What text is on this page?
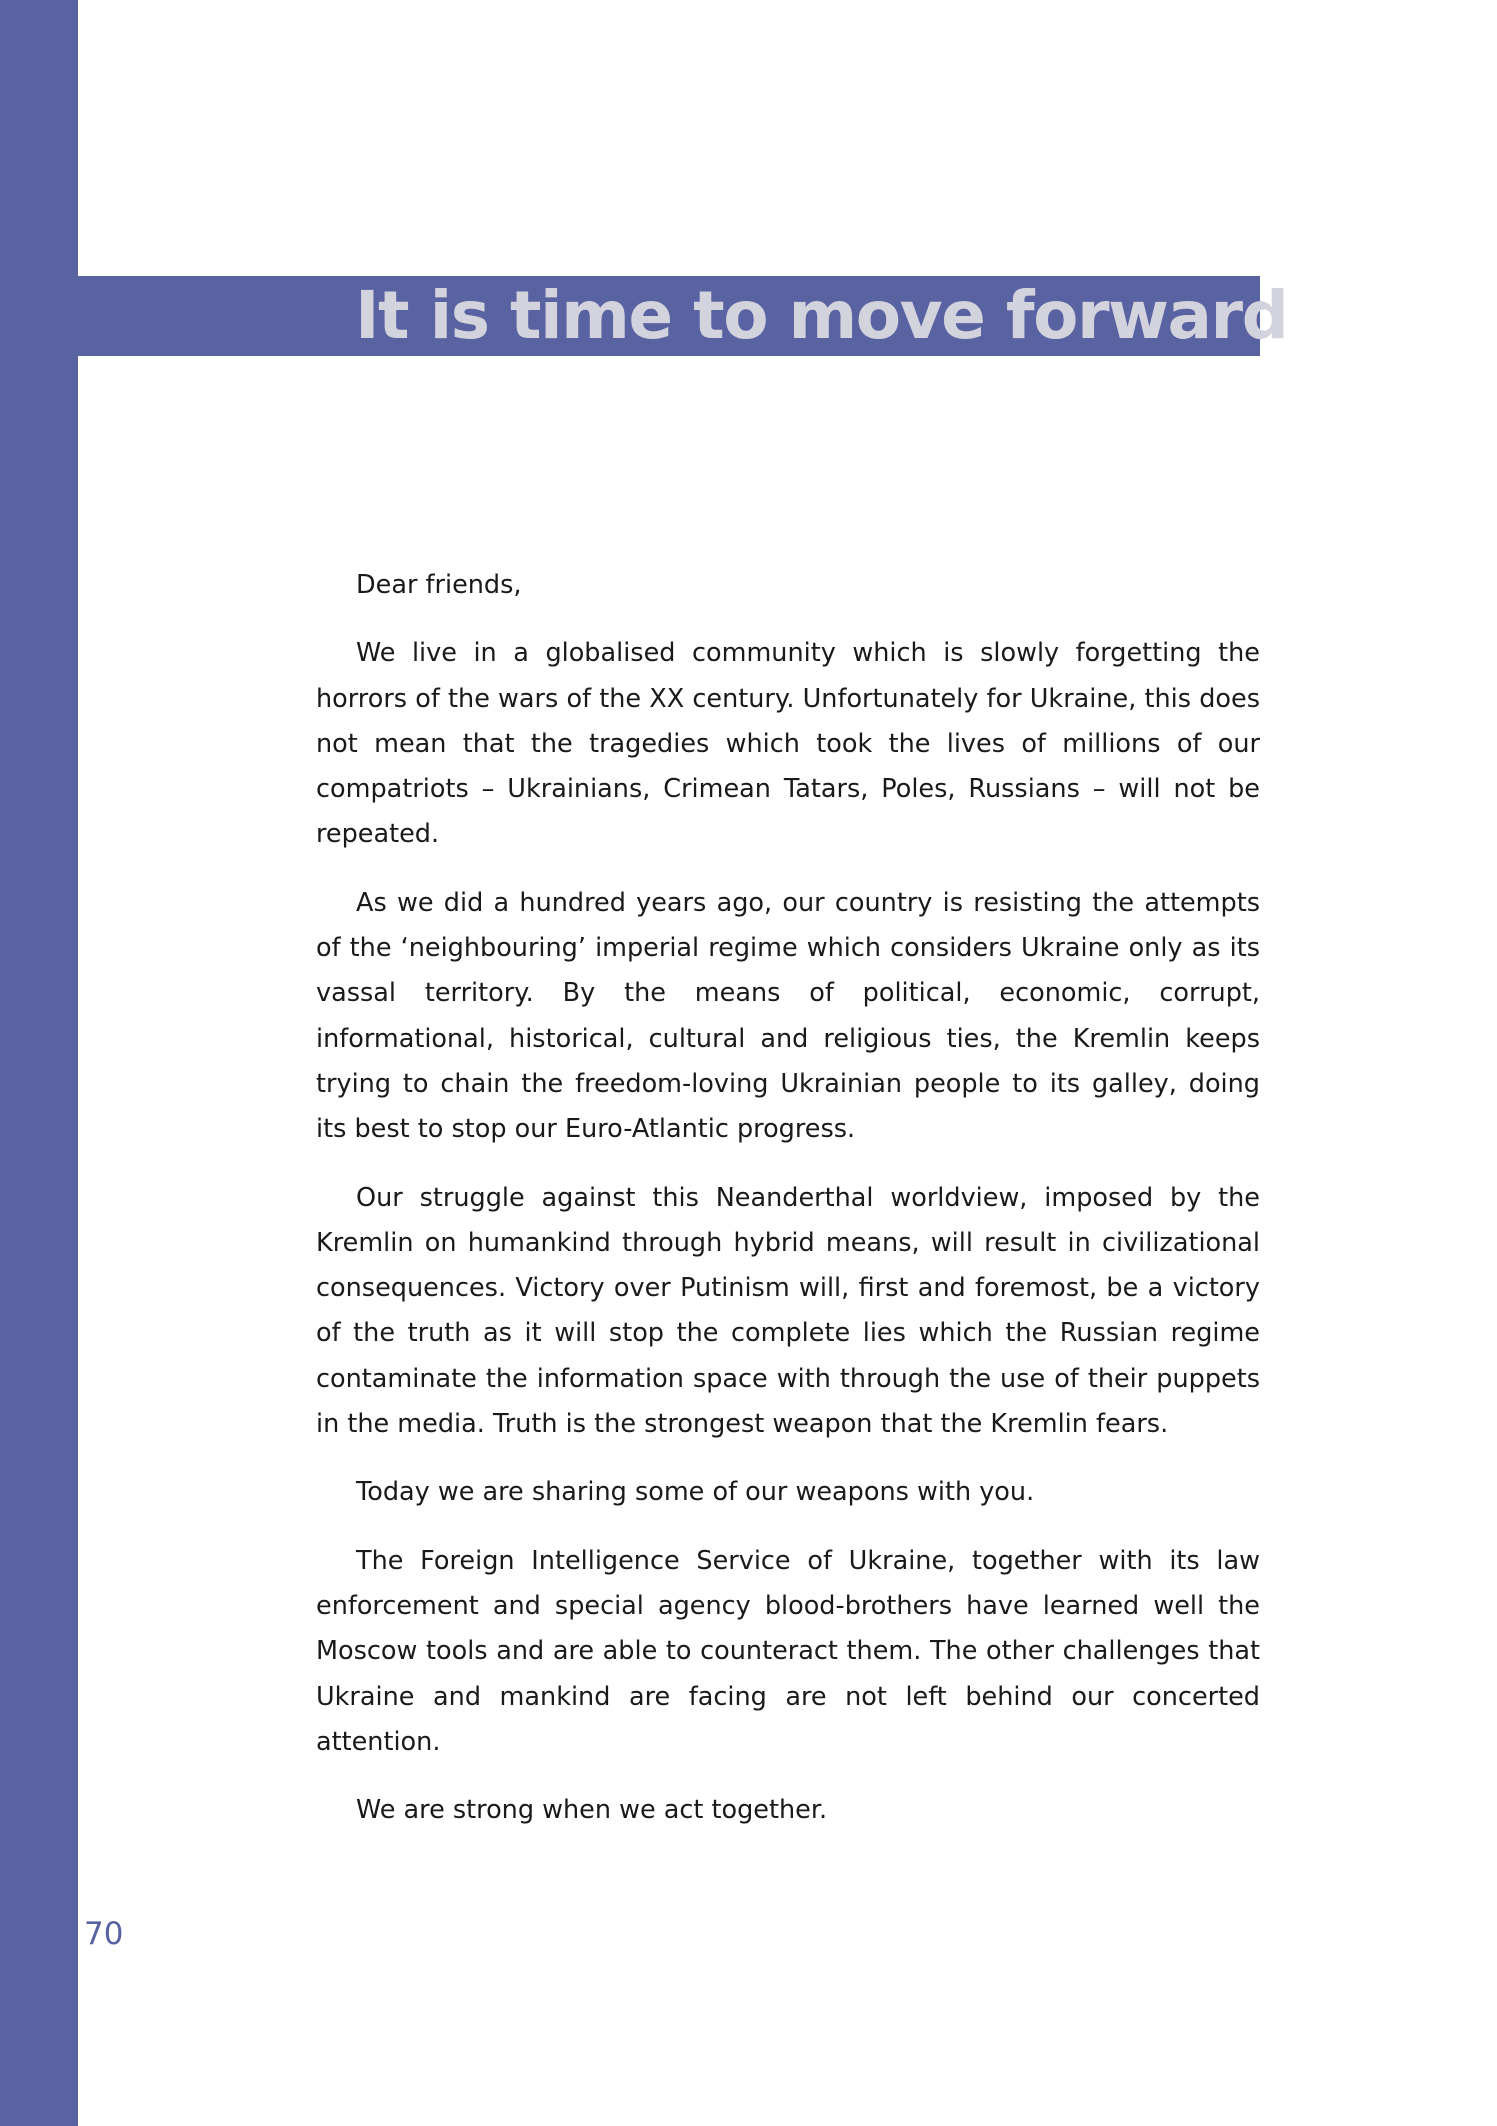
It is time to move forward

Dear friends,

We live in a globalised community which is slowly forgetting the horrors of the wars of the XX century. Unfortunately for Ukraine, this does not mean that the tragedies which took the lives of millions of our compatriots – Ukrainians, Crimean Tatars, Poles, Russians – will not be repeated.

As we did a hundred years ago, our country is resisting the attempts of the ‘neighbouring’ imperial regime which considers Ukraine only as its vassal territory. By the means of political, economic, corrupt, informational, historical, cultural and religious ties, the Kremlin keeps trying to chain the freedom-loving Ukrainian people to its galley, doing its best to stop our Euro-Atlantic progress.

Our struggle against this Neanderthal worldview, imposed by the Kremlin on humankind through hybrid means, will result in civilizational consequences. Victory over Putinism will, first and foremost, be a victory of the truth as it will stop the complete lies which the Russian regime contaminate the information space with through the use of their puppets in the media. Truth is the strongest weapon that the Kremlin fears.

Today we are sharing some of our weapons with you.

The Foreign Intelligence Service of Ukraine, together with its law enforcement and special agency blood-brothers have learned well the Moscow tools and are able to counteract them. The other challenges that Ukraine and mankind are facing are not left behind our concerted attention.

We are strong when we act together.

70
